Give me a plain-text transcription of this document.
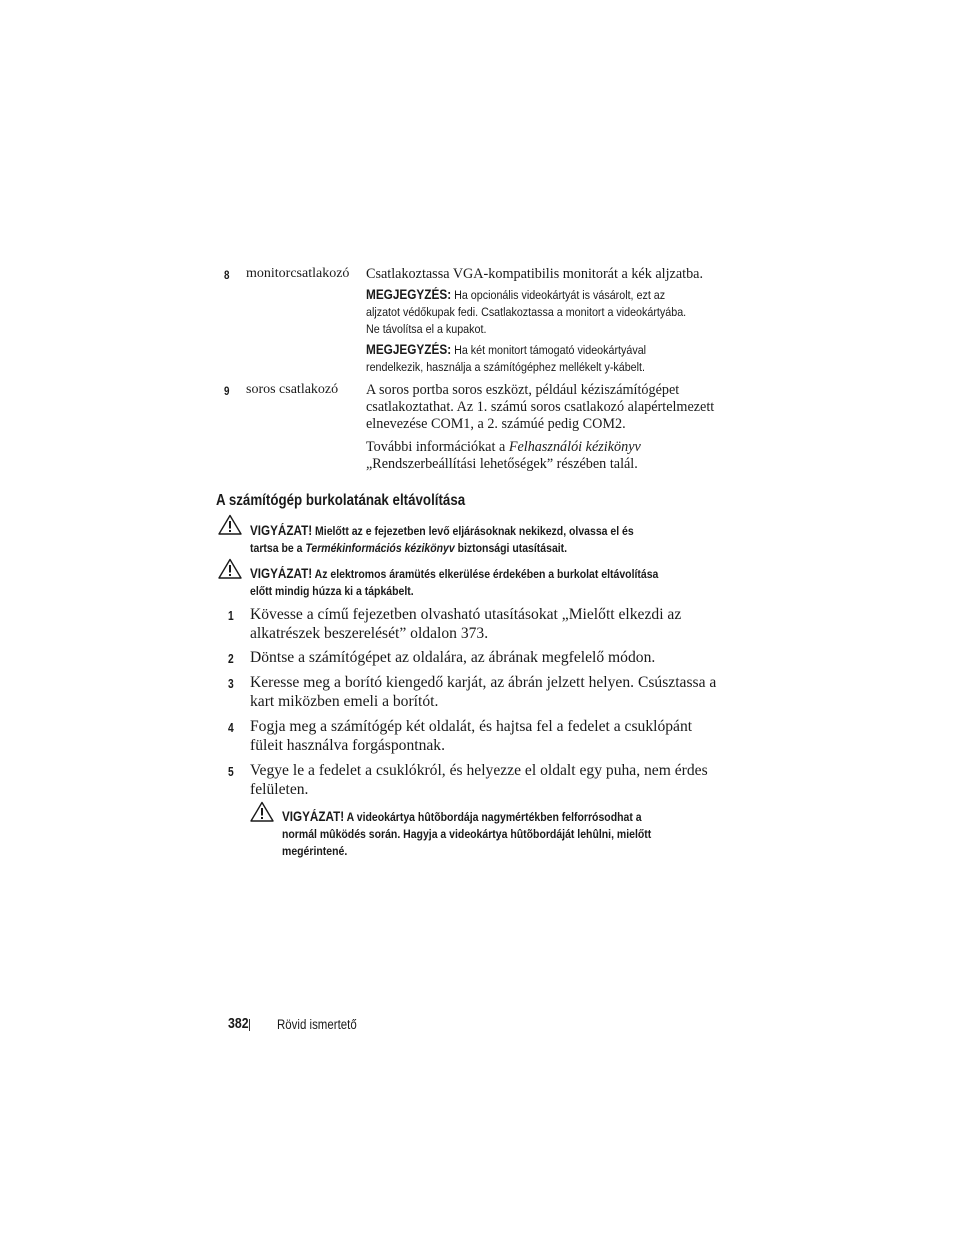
8 monitorcsatlakozó Csatlakoztassa VGA-kompatibilis monitorát a kék aljzatba.

MEGJEGYZÉS: Ha opcionális videokártyát is vásárolt, ezt az

aljzatot védőkupak fedi. Csatlakoztassa a monitort a videokártyába.

Ne távolítsa el a kupakot.

MEGJEGYZÉS: Ha két monitort támogató videokártyával

rendelkezik, használja a számítógéphez mellékelt y-kábelt.

9 soros csatlakozó A soros portba soros eszközt, például kéziszámítógépet

csatlakoztathat. Az 1. számú soros csatlakozó alapértelmezett

elnevezése COM1, a 2. számúé pedig COM2.

További információkat a Felhasználói kézikönyv

„Rendszerbeállítási lehetőségek” részében talál.

A számítógép burkolatának eltávolítása

VIGYÁZAT! Mielőtt az e fejezetben levő eljárásoknak nekikezd, olvassa el és

tartsa be a Termékinformációs kézikönyv biztonsági utasításait.

VIGYÁZAT! Az elektromos áramütés elkerülése érdekében a burkolat eltávolítása

előtt mindig húzza ki a tápkábelt.

1 Kövesse a című fejezetben olvasható utasításokat „Mielőtt elkezdi az

alkatrészek beszerelését” oldalon 373.

2 Döntse a számítógépet az oldalára, az ábrának megfelelő módon.

3 Keresse meg a borító kiengedő karját, az ábrán jelzett helyen. Csúsztassa a

kart miközben emeli a borítót.

4 Fogja meg a számítógép két oldalát, és hajtsa fel a fedelet a csuklópánt

füleit használva forgáspontnak.

5 Vegye le a fedelet a csuklókról, és helyezze el oldalt egy puha, nem érdes

felületen.

VIGYÁZAT! A videokártya hûtõbordája nagymértékben felforrósodhat a

normál mûködés során. Hagyja a videokártya hûtõbordáját lehûlni, mielőtt

megérintené.

382 Rövid ismertető
